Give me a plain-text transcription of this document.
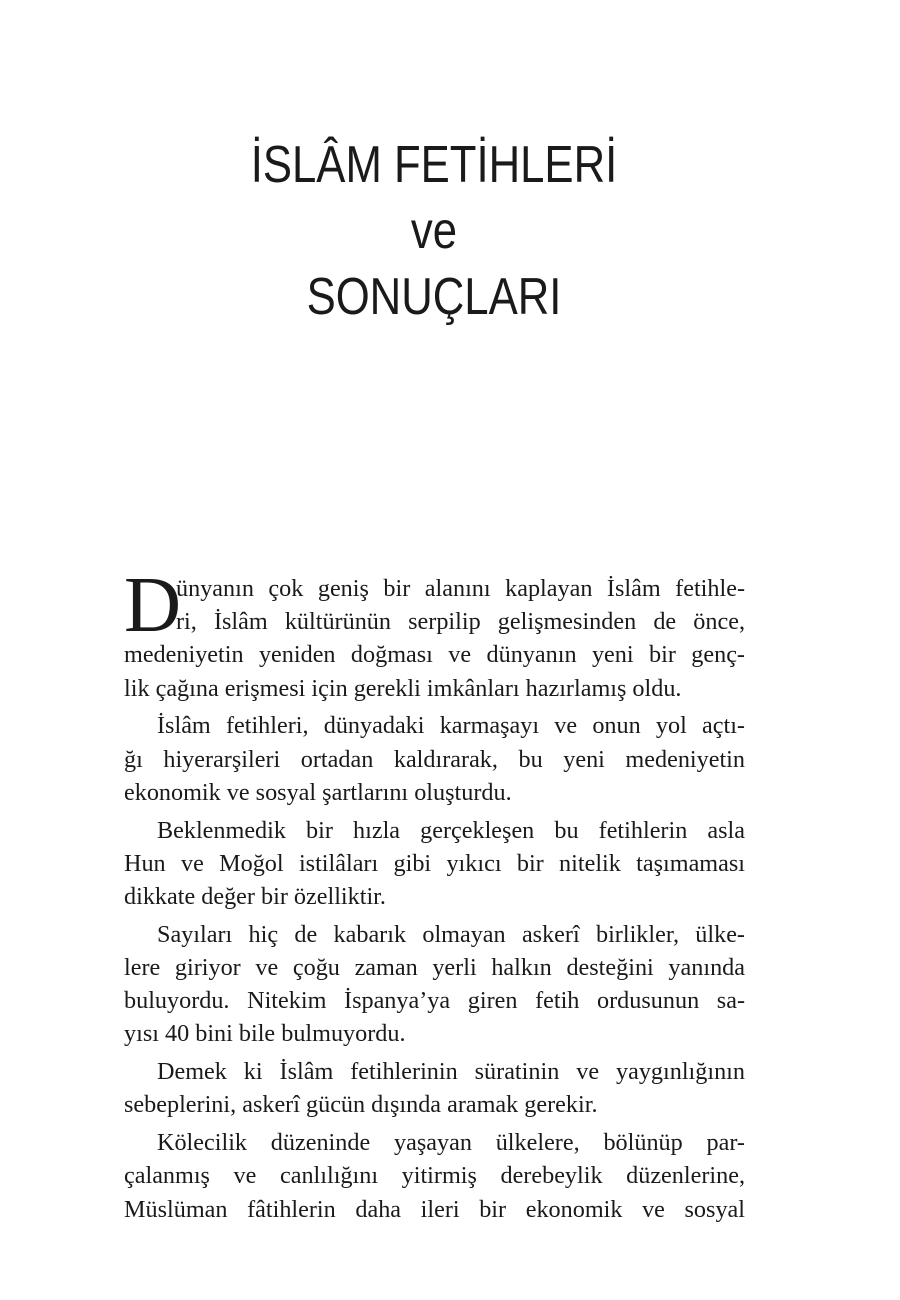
İSLÂM FETİHLERİ
ve
SONUÇLARI
D
ünyanın çok geniş bir alanını kaplayan İslâm fetihle-
ri, İslâm kültürünün serpilip gelişmesinden de önce,
medeniyetin yeniden doğması ve dünyanın yeni bir genç-
lik çağına erişmesi için gerekli imkânları hazırlamış oldu.
İslâm fetihleri, dünyadaki karmaşayı ve onun yol açtı-
ğı hiyerarşileri ortadan kaldırarak, bu yeni medeniyetin
ekonomik ve sosyal şartlarını oluşturdu.
Beklenmedik bir hızla gerçekleşen bu fetihlerin asla
Hun ve Moğol istilâları gibi yıkıcı bir nitelik taşımaması
dikkate değer bir özelliktir.
Sayıları hiç de kabarık olmayan askerî birlikler, ülke-
lere giriyor ve çoğu zaman yerli halkın desteğini yanında
buluyordu. Nitekim İspanya’ya giren fetih ordusunun sa-
yısı 40 bini bile bulmuyordu.
Demek ki İslâm fetihlerinin süratinin ve yaygınlığının
sebeplerini, askerî gücün dışında aramak gerekir.
Kölecilik düzeninde yaşayan ülkelere, bölünüp par-
çalanmış ve canlılığını yitirmiş derebeylik düzenlerine,
Müslüman fâtihlerin daha ileri bir ekonomik ve sosyal
